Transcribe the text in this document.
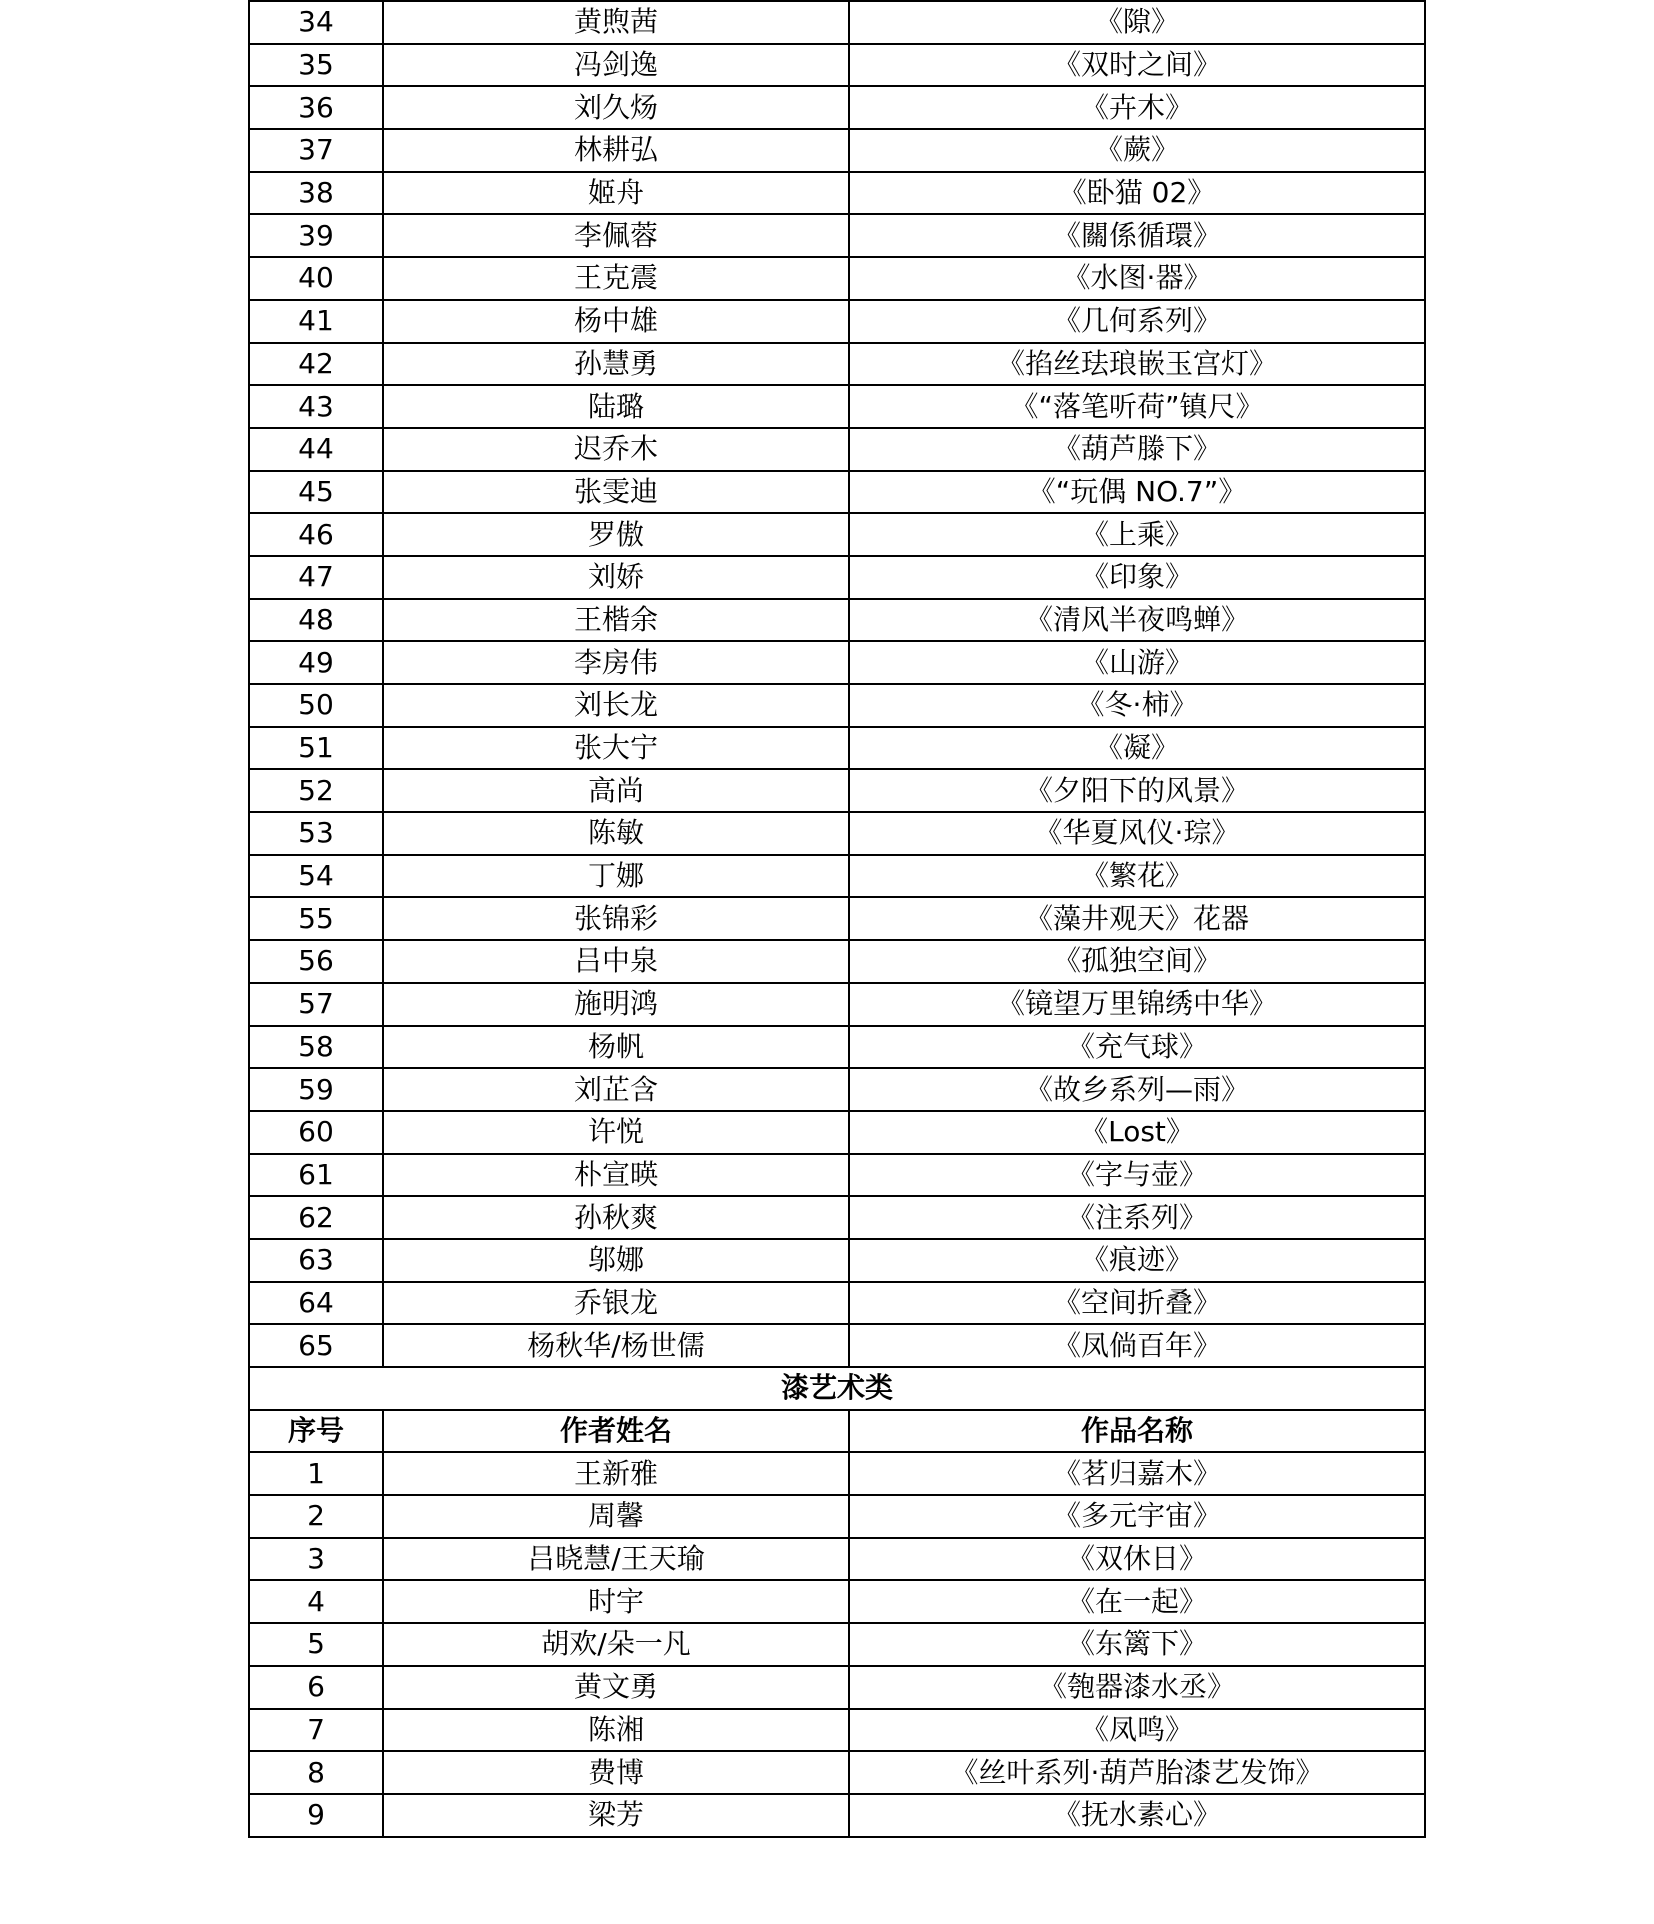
34	黄煦茜	《隙》
35	冯剑逸	《双时之间》
36	刘久炀	《卉木》
37	林耕弘	《蕨》
38	姬舟	《卧猫 02》
39	李佩蓉	《關係循環》
40	王克震	《水图·器》
41	杨中雄	《几何系列》
42	孙慧勇	《掐丝珐琅嵌玉宫灯》
43	陆璐	《“落笔听荷”镇尺》
44	迟乔木	《葫芦滕下》
45	张雯迪	《“玩偶 NO.7”》
46	罗傲	《上乘》
47	刘娇	《印象》
48	王楷余	《清风半夜鸣蝉》
49	李房伟	《山游》
50	刘长龙	《冬·柿》
51	张大宁	《凝》
52	高尚	《夕阳下的风景》
53	陈敏	《华夏风仪·琮》
54	丁娜	《繁花》
55	张锦彩	《藻井观天》花器
56	吕中泉	《孤独空间》
57	施明鸿	《镜望万里锦绣中华》
58	杨帆	《充气球》
59	刘芷含	《故乡系列—雨》
60	许悦	《Lost》
61	朴宣暎	《字与壶》
62	孙秋爽	《注系列》
63	邬娜	《痕迹》
64	乔银龙	《空间折叠》
65	杨秋华/杨世儒	《凤倘百年》
漆艺术类		
序号	作者姓名	作品名称
1	王新雅	《茗归嘉木》
2	周馨	《多元宇宙》
3	吕晓慧/王天瑜	《双休日》
4	时宇	《在一起》
5	胡欢/朵一凡	《东篱下》
6	黄文勇	《匏器漆水丞》
7	陈湘	《凤鸣》
8	费博	《丝叶系列·葫芦胎漆艺发饰》
9	梁芳	《抚水素心》
